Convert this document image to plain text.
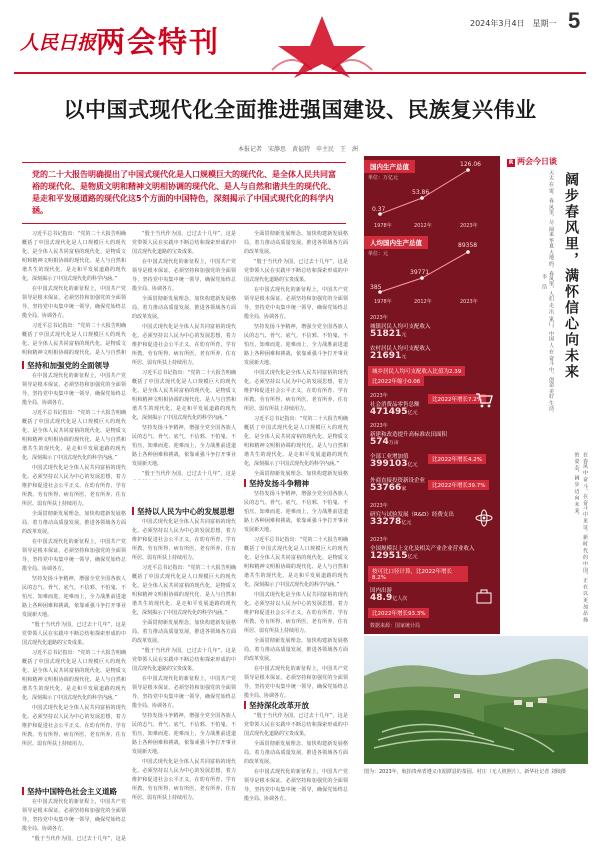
人民日报 两会特刊
2024年3月4日　星期一 5
以中国式现代化全面推进强国建设、民族复兴伟业
本报记者　宋静思　黄福特　申主民　王　洲
党的二十大报告明确提出了中国式现代化是人口规模巨大的现代化、是全体人民共同富裕的现代化、是物质文明和精神文明相协调的现代化、是人与自然和谐共生的现代化、是走和平发展道路的现代化这5个方面的中国特色，深刻揭示了中国式现代化的科学内涵。

习近平总书记指出：“党的二十大报告明确概括了中国式现代化是人口规模巨大的现代化、是全体人民共同富裕的现代化、是物质文明和精神文明相协调的现代化、是人与自然和谐共生的现代化、是走和平发展道路的现代化，深刻揭示了中国式现代化的科学内涵。”

在中国式现代化的新征程上，中国共产党领导是根本保证。必须坚持和加强党的全面领导，坚持党中央集中统一领导，确保党始终总揽全局、协调各方。

习近平总书记指出：“党的二十大报告明确概括了中国式现代化是人口规模巨大的现代化、是全体人民共同富裕的现代化、是物质文明和精神文明相协调的现代化、是人与自然和

坚持和加强党的全面领导

在中国式现代化的新征程上，中国共产党领导是根本保证。必须坚持和加强党的全面领导，坚持党中央集中统一领导，确保党始终总揽全局、协调各方。

习近平总书记指出：“党的二十大报告明确概括了中国式现代化是人口规模巨大的现代化、是全体人民共同富裕的现代化、是物质文明和精神文明相协调的现代化、是人与自然和谐共生的现代化、是走和平发展道路的现代化，深刻揭示了中国式现代化的科学内涵。”

中国式现代化是全体人民共同富裕的现代化。必须坚持以人民为中心的发展思想，着力维护和促进社会公平正义，在幼有所育、学有所教、劳有所得、病有所医、老有所养、住有所居、弱有所扶上持续用力。

全面贯彻新发展理念，加快构建新发展格局，着力推动高质量发展，推进各领域各方面的改革发展。

在中国式现代化的新征程上，中国共产党领导是根本保证。必须坚持和加强党的全面领导，坚持党中央集中统一领导，确保党始终总揽全局、协调各方。

坚持发扬斗争精神，增强全党全国各族人民的志气、骨气、底气，不信邪、不怕鬼、不怕压，知难而进、迎难而上，全力战胜前进道路上各种困难和挑战，依靠顽强斗争打开事业发展新天地。

“殷于当代作为国，已过去十几年”，这是党带领人民在实践中不断总结和探索形成的中国式现代化道路的宝贵成果。

习近平总书记指出：“党的二十大报告明确概括了中国式现代化是人口规模巨大的现代化、是全体人民共同富裕的现代化、是物质文明和精神文明相协调的现代化、是人与自然和谐共生的现代化、是走和平发展道路的现代化，深刻揭示了中国式现代化的科学内涵。”

中国式现代化是全体人民共同富裕的现代化。必须坚持以人民为中心的发展思想，着力维护和促进社会公平正义，在幼有所育、学有所教、劳有所得、病有所医、老有所养、住有所居、弱有所扶上持续用力。

坚持中国特色社会主义道路

在中国式现代化的新征程上，中国共产党领导是根本保证。必须坚持和加强党的全面领导，坚持党中央集中统一领导，确保党始终总揽全局、协调各方。

“殷于当代作为国，已过去十几年”，这是

“殷于当代作为国，已过去十几年”，这是党带领人民在实践中不断总结和探索形成的中国式现代化道路的宝贵成果。

在中国式现代化的新征程上，中国共产党领导是根本保证。必须坚持和加强党的全面领导，坚持党中央集中统一领导，确保党始终总揽全局、协调各方。

全面贯彻新发展理念，加快构建新发展格局，着力推动高质量发展，推进各领域各方面的改革发展。

中国式现代化是全体人民共同富裕的现代化。必须坚持以人民为中心的发展思想，着力维护和促进社会公平正义，在幼有所育、学有所教、劳有所得、病有所医、老有所养、住有所居、弱有所扶上持续用力。

习近平总书记指出：“党的二十大报告明确概括了中国式现代化是人口规模巨大的现代化、是全体人民共同富裕的现代化、是物质文明和精神文明相协调的现代化、是人与自然和谐共生的现代化、是走和平发展道路的现代化，深刻揭示了中国式现代化的科学内涵。”

坚持发扬斗争精神，增强全党全国各族人民的志气、骨气、底气，不信邪、不怕鬼、不怕压，知难而进、迎难而上，全力战胜前进道路上各种困难和挑战，依靠顽强斗争打开事业发展新天地。

“殷于当代作为国，已过去十几年”，这是

坚持以人民为中心的发展思想

中国式现代化是全体人民共同富裕的现代化。必须坚持以人民为中心的发展思想，着力维护和促进社会公平正义，在幼有所育、学有所教、劳有所得、病有所医、老有所养、住有所居、弱有所扶上持续用力。

习近平总书记指出：“党的二十大报告明确概括了中国式现代化是人口规模巨大的现代化、是全体人民共同富裕的现代化、是物质文明和精神文明相协调的现代化、是人与自然和谐共生的现代化、是走和平发展道路的现代化，深刻揭示了中国式现代化的科学内涵。”

全面贯彻新发展理念，加快构建新发展格局，着力推动高质量发展，推进各领域各方面的改革发展。

“殷于当代作为国，已过去十几年”，这是党带领人民在实践中不断总结和探索形成的中国式现代化道路的宝贵成果。

在中国式现代化的新征程上，中国共产党领导是根本保证。必须坚持和加强党的全面领导，坚持党中央集中统一领导，确保党始终总揽全局、协调各方。

坚持发扬斗争精神，增强全党全国各族人民的志气、骨气、底气，不信邪、不怕鬼、不怕压，知难而进、迎难而上，全力战胜前进道路上各种困难和挑战，依靠顽强斗争打开事业发展新天地。

中国式现代化是全体人民共同富裕的现代化。必须坚持以人民为中心的发展思想，着力维护和促进社会公平正义，在幼有所育、学有所教、劳有所得、病有所医、老有所养、住有所居、弱有所扶上持续用力。

全面贯彻新发展理念，加快构建新发展格局，着力推动高质量发展，推进各领域各方面的改革发展。

“殷于当代作为国，已过去十几年”，这是党带领人民在实践中不断总结和探索形成的中国式现代化道路的宝贵成果。

在中国式现代化的新征程上，中国共产党领导是根本保证。必须坚持和加强党的全面领导，坚持党中央集中统一领导，确保党始终总揽全局、协调各方。

坚持发扬斗争精神，增强全党全国各族人民的志气、骨气、底气，不信邪、不怕鬼、不怕压，知难而进、迎难而上，全力战胜前进道路上各种困难和挑战，依靠顽强斗争打开事业发展新天地。

中国式现代化是全体人民共同富裕的现代化。必须坚持以人民为中心的发展思想，着力维护和促进社会公平正义，在幼有所育、学有所教、劳有所得、病有所医、老有所养、住有所居、弱有所扶上持续用力。

习近平总书记指出：“党的二十大报告明确概括了中国式现代化是人口规模巨大的现代化、是全体人民共同富裕的现代化、是物质文明和精神文明相协调的现代化、是人与自然和谐共生的现代化、是走和平发展道路的现代化，深刻揭示了中国式现代化的科学内涵。”

全面贯彻新发展理念，加快构建新发展格

坚持发扬斗争精神

坚持发扬斗争精神，增强全党全国各族人民的志气、骨气、底气，不信邪、不怕鬼、不怕压，知难而进、迎难而上，全力战胜前进道路上各种困难和挑战，依靠顽强斗争打开事业发展新天地。

习近平总书记指出：“党的二十大报告明确概括了中国式现代化是人口规模巨大的现代化、是全体人民共同富裕的现代化、是物质文明和精神文明相协调的现代化、是人与自然和谐共生的现代化、是走和平发展道路的现代化，深刻揭示了中国式现代化的科学内涵。”

中国式现代化是全体人民共同富裕的现代化。必须坚持以人民为中心的发展思想，着力维护和促进社会公平正义，在幼有所育、学有所教、劳有所得、病有所医、老有所养、住有所居、弱有所扶上持续用力。

全面贯彻新发展理念，加快构建新发展格局，着力推动高质量发展，推进各领域各方面的改革发展。

在中国式现代化的新征程上，中国共产党领导是根本保证。必须坚持和加强党的全面领导，坚持党中央集中统一领导，确保党始终总揽全局、协调各方。

坚持深化改革开放

“殷于当代作为国，已过去十几年”，这是党带领人民在实践中不断总结和探索形成的中国式现代化道路的宝贵成果。

全面贯彻新发展理念，加快构建新发展格局，着力推动高质量发展，推进各领域各方面的改革发展。

在中国式现代化的新征程上，中国共产党领导是根本保证。必须坚持和加强党的全面领导，坚持党中央集中统一领导，确保党始终总揽全局、协调各方。

国内生产总值
单位：万亿元
0.37
53.86
126.06
1978年	2012年	2023年
人均国内生产总值
单位：元
385
39771
89358
1978年	2012年	2023年
2023年
城镇居民人均可支配收入
51821元
农村居民人均可支配收入
21691元
城乡居民人均可支配收入比值为2.39
比2022年缩小0.06
2023年
社会消费品零售总额
471495亿元
比2022年增长7.2%
2023年
新建和改造提升高标准农田面积
574万亩
全部工业增加值
399103亿元
比2022年增长4.2%
外商直接投资新设企业
53766家	比2022年增长39.7%
2023年
研究与试验发展（R&D）经费支出
33278亿元
2023年
全国规模以上文化及相关产业企业营业收入
129515亿元
按可比口径计算，比2022年增长8.2%
国内出游
48.9亿人次
比2022年增长93.3%
数据来源：国家统计局
图为：2023年，航拍贵州省遵义市湄潭县的茶园、村庄（无人机照片）。新华社记者 刘续摄
R 两会今日谈
天太 在 雷、春 风里，尽 阔来 华夏 大地 的。春风里，人们 走 出 家门，中国 人 在 奋斗 中，创造 美好 生活。 阔步春风里，满怀信心向未来
李　浩
在 春风 中 奋 斗，在 奋斗 中 见 证。新 时 代 的 中 国，正 在 以 更 加 昂 扬 的 姿 态，阔 步 迈 向 未 来。
